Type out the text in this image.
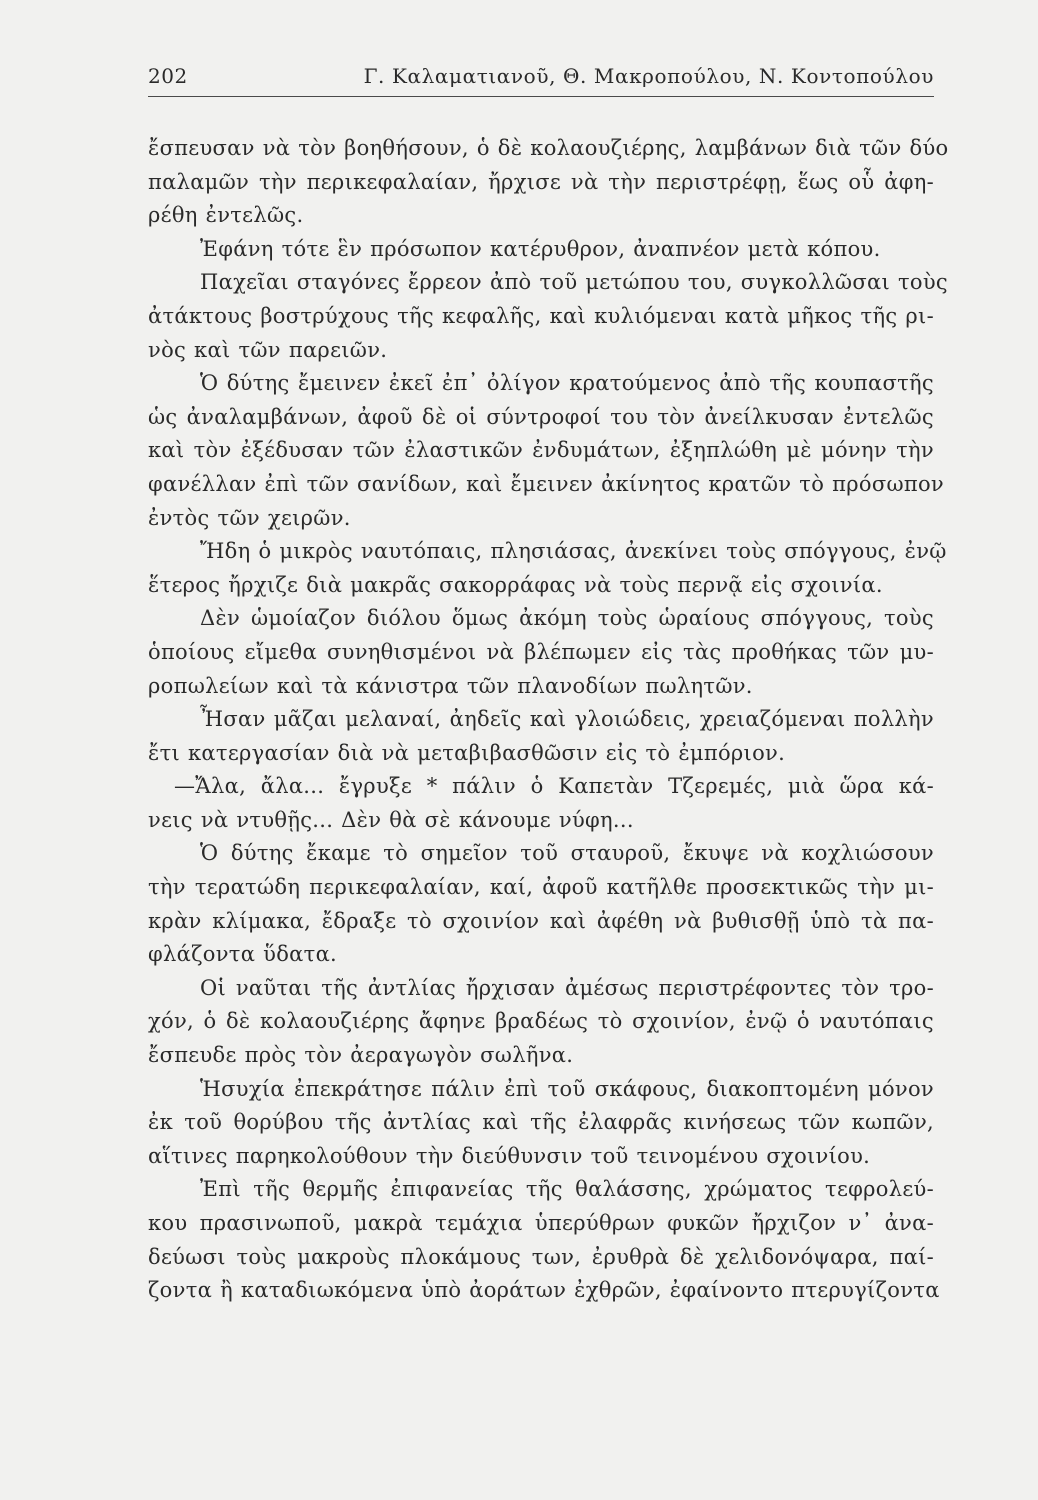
202	Γ. Καλαματιανοῦ, Θ. Μακροπούλου, Ν. Κοντοπούλου
ἔσπευσαν νὰ τὸν βοηθήσουν, ὁ δὲ κολαουζιέρης, λαμβάνων διὰ τῶν δύο
παλαμῶν τὴν περικεφαλαίαν, ἤρχισε νὰ τὴν περιστρέφῃ, ἕως οὗ ἀφη-
ρέθη ἐντελῶς.
Ἐφάνη τότε ἓν πρόσωπον κατέρυθρον, ἀναπνέον μετὰ κόπου.
Παχεῖαι σταγόνες ἔρρεον ἀπὸ τοῦ μετώπου του, συγκολλῶσαι τοὺς
ἀτάκτους βοστρύχους τῆς κεφαλῆς, καὶ κυλιόμεναι κατὰ μῆκος τῆς ρι-
νὸς καὶ τῶν παρειῶν.
Ὁ δύτης ἔμεινεν ἐκεῖ ἐπ᾿ ὀλίγον κρατούμενος ἀπὸ τῆς κουπαστῆς
ὡς ἀναλαμβάνων, ἀφοῦ δὲ οἱ σύντροφοί του τὸν ἀνείλκυσαν ἐντελῶς
καὶ τὸν ἐξέδυσαν τῶν ἐλαστικῶν ἐνδυμάτων, ἐξηπλώθη μὲ μόνην τὴν
φανέλλαν ἐπὶ τῶν σανίδων, καὶ ἔμεινεν ἀκίνητος κρατῶν τὸ πρόσωπον
ἐντὸς τῶν χειρῶν.
Ἤδη ὁ μικρὸς ναυτόπαις, πλησιάσας, ἀνεκίνει τοὺς σπόγγους, ἐνῷ
ἕτερος ἤρχιζε διὰ μακρᾶς σακορράφας νὰ τοὺς περνᾷ εἰς σχοινία.
Δὲν ὡμοίαζον διόλου ὅμως ἀκόμη τοὺς ὡραίους σπόγγους, τοὺς
ὁποίους εἴμεθα συνηθισμένοι νὰ βλέπωμεν εἰς τὰς προθήκας τῶν μυ-
ροπωλείων καὶ τὰ κάνιστρα τῶν πλανοδίων πωλητῶν.
Ἦσαν μᾶζαι μελαναί, ἀηδεῖς καὶ γλοιώδεις, χρειαζόμεναι πολλὴν
ἔτι κατεργασίαν διὰ νὰ μεταβιβασθῶσιν εἰς τὸ ἐμπόριον.
—Ἄλα, ἄλα... ἔγρυξε * πάλιν ὁ Καπετὰν Τζερεμές, μιὰ ὥρα κά-
νεις νὰ ντυθῇς... Δὲν θὰ σὲ κάνουμε νύφη...
Ὁ δύτης ἔκαμε τὸ σημεῖον τοῦ σταυροῦ, ἔκυψε νὰ κοχλιώσουν
τὴν τερατώδη περικεφαλαίαν, καί, ἀφοῦ κατῆλθε προσεκτικῶς τὴν μι-
κρὰν κλίμακα, ἔδραξε τὸ σχοινίον καὶ ἀφέθη νὰ βυθισθῇ ὑπὸ τὰ πα-
φλάζοντα ὕδατα.
Οἱ ναῦται τῆς ἀντλίας ἤρχισαν ἀμέσως περιστρέφοντες τὸν τρο-
χόν, ὁ δὲ κολαουζιέρης ἄφηνε βραδέως τὸ σχοινίον, ἐνῷ ὁ ναυτόπαις
ἔσπευδε πρὸς τὸν ἀεραγωγὸν σωλῆνα.
Ἡσυχία ἐπεκράτησε πάλιν ἐπὶ τοῦ σκάφους, διακοπτομένη μόνον
ἐκ τοῦ θορύβου τῆς ἀντλίας καὶ τῆς ἐλαφρᾶς κινήσεως τῶν κωπῶν,
αἵτινες παρηκολούθουν τὴν διεύθυνσιν τοῦ τεινομένου σχοινίου.
Ἐπὶ τῆς θερμῆς ἐπιφανείας τῆς θαλάσσης, χρώματος τεφρολεύ-
κου πρασινωποῦ, μακρὰ τεμάχια ὑπερύθρων φυκῶν ἤρχιζον ν᾿ ἀνα-
δεύωσι τοὺς μακροὺς πλοκάμους των, ἐρυθρὰ δὲ χελιδονόψαρα, παί-
ζοντα ἢ καταδιωκόμενα ὑπὸ ἀοράτων ἐχθρῶν, ἐφαίνοντο πτερυγίζοντα
